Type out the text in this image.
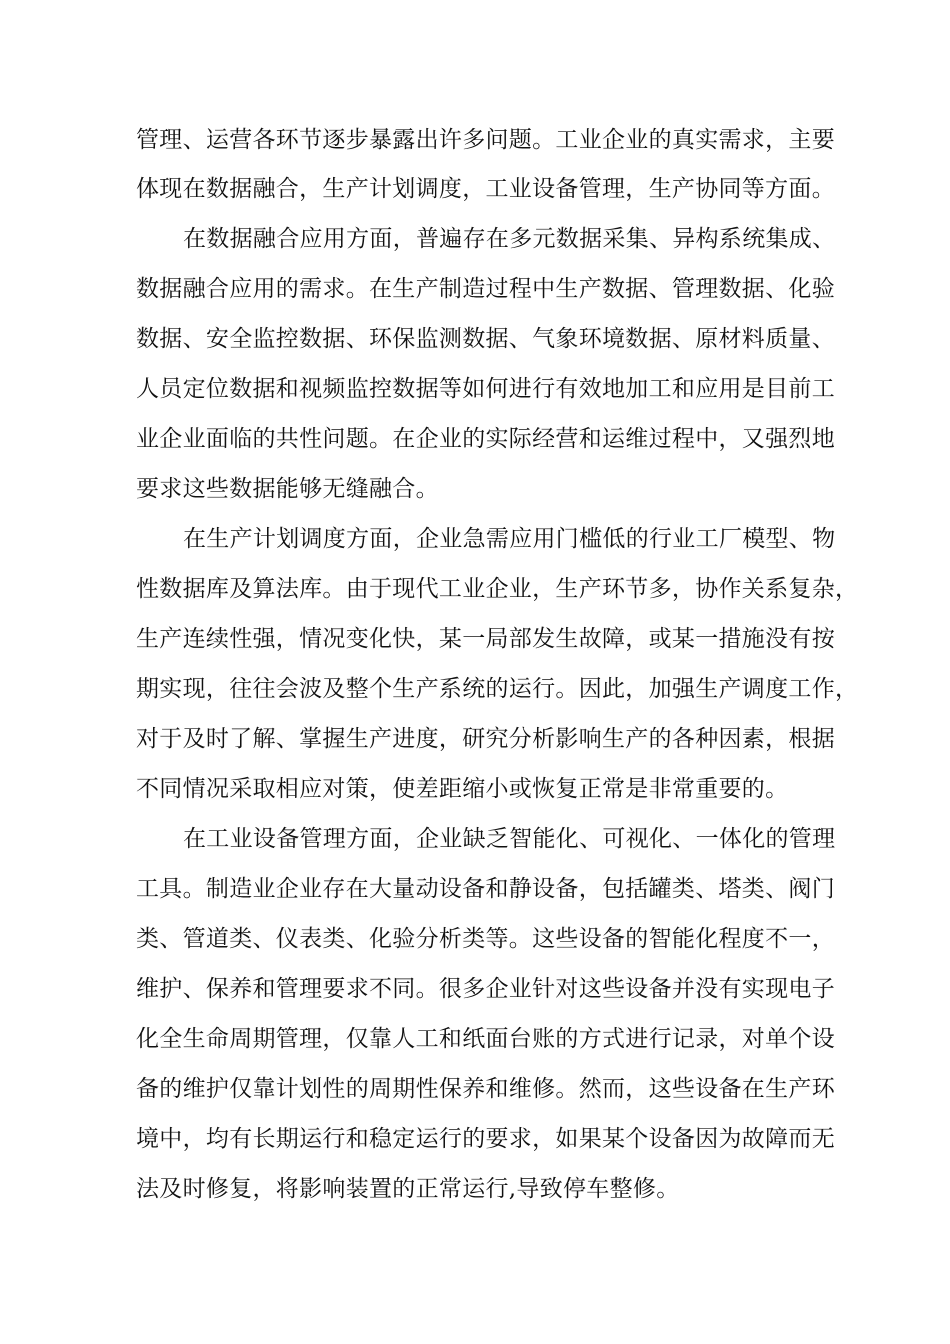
管理、运营各环节逐步暴露出许多问题。工业企业的真实需求，主要
体现在数据融合，生产计划调度，工业设备管理，生产协同等方面。
在数据融合应用方面，普遍存在多元数据采集、异构系统集成、
数据融合应用的需求。在生产制造过程中生产数据、管理数据、化验
数据、安全监控数据、环保监测数据、气象环境数据、原材料质量、
人员定位数据和视频监控数据等如何进行有效地加工和应用是目前工
业企业面临的共性问题。在企业的实际经营和运维过程中，又强烈地
要求这些数据能够无缝融合。
在生产计划调度方面，企业急需应用门槛低的行业工厂模型、物
性数据库及算法库。由于现代工业企业，生产环节多，协作关系复杂，
生产连续性强，情况变化快，某一局部发生故障，或某一措施没有按
期实现，往往会波及整个生产系统的运行。因此，加强生产调度工作，
对于及时了解、掌握生产进度，研究分析影响生产的各种因素，根据
不同情况采取相应对策，使差距缩小或恢复正常是非常重要的。
在工业设备管理方面，企业缺乏智能化、可视化、一体化的管理
工具。制造业企业存在大量动设备和静设备，包括罐类、塔类、阀门
类、管道类、仪表类、化验分析类等。这些设备的智能化程度不一，
维护、保养和管理要求不同。很多企业针对这些设备并没有实现电子
化全生命周期管理，仅靠人工和纸面台账的方式进行记录，对单个设
备的维护仅靠计划性的周期性保养和维修。然而，这些设备在生产环
境中，均有长期运行和稳定运行的要求，如果某个设备因为故障而无
法及时修复，将影响装置的正常运行,导致停车整修。
